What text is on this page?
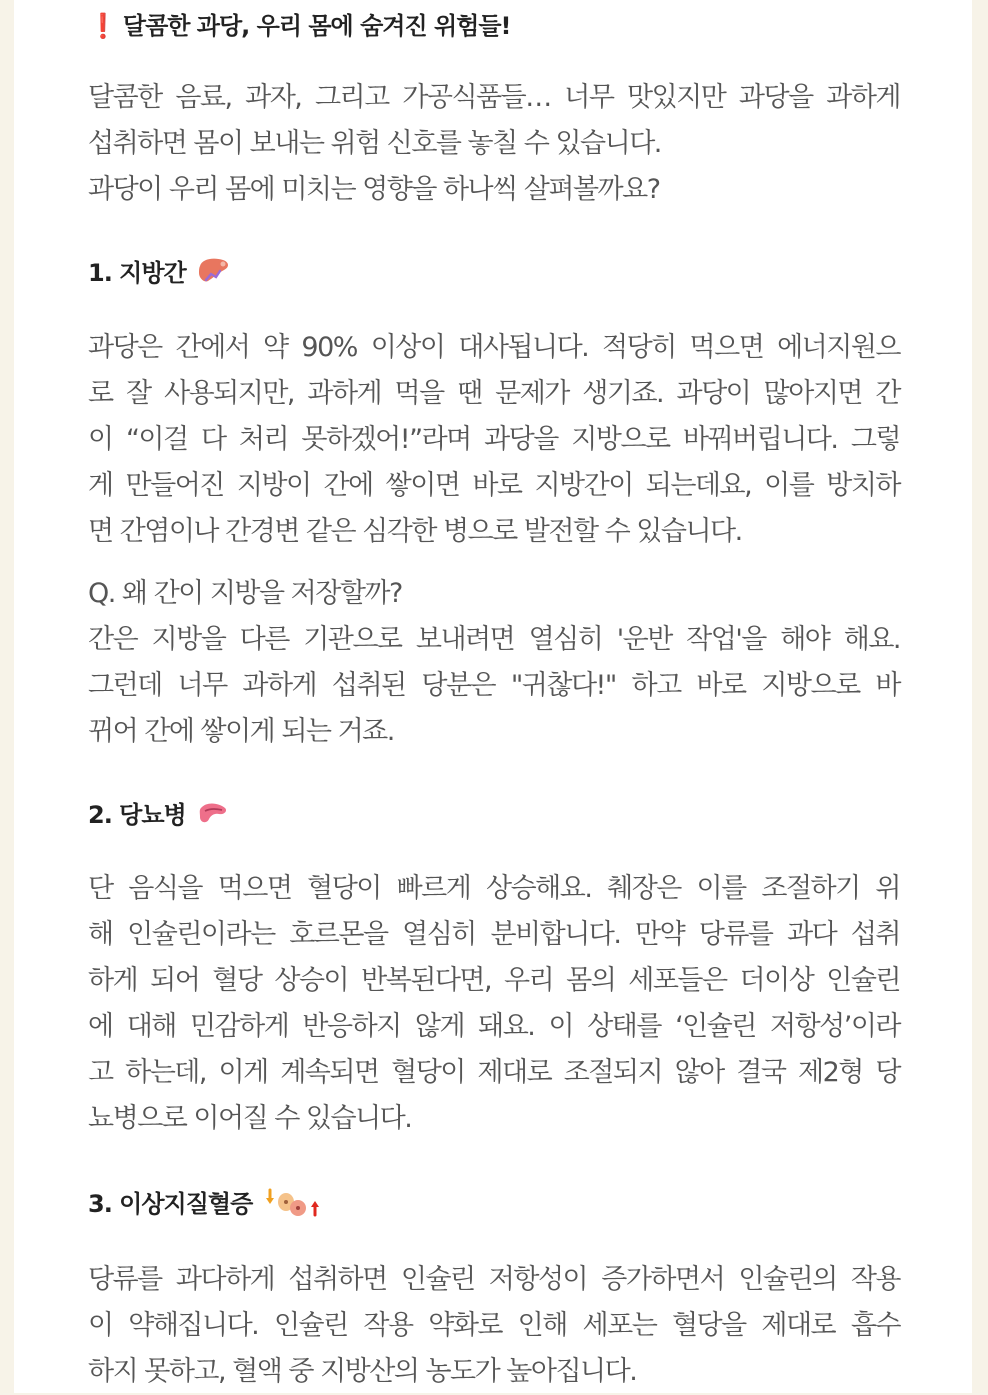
❗ 달콤한 과당, 우리 몸에 숨겨진 위험들!
달콤한 음료, 과자, 그리고 가공식품들… 너무 맛있지만 과당을 과하게
섭취하면 몸이 보내는 위험 신호를 놓칠 수 있습니다.
과당이 우리 몸에 미치는 영향을 하나씩 살펴볼까요?
1. 지방간
과당은 간에서 약 90% 이상이 대사됩니다. 적당히 먹으면 에너지원으
로 잘 사용되지만, 과하게 먹을 땐 문제가 생기죠. 과당이 많아지면 간
이 “이걸 다 처리 못하겠어!”라며 과당을 지방으로 바꿔버립니다. 그렇
게 만들어진 지방이 간에 쌓이면 바로 지방간이 되는데요, 이를 방치하
면 간염이나 간경변 같은 심각한 병으로 발전할 수 있습니다.
Q. 왜 간이 지방을 저장할까?
간은 지방을 다른 기관으로 보내려면 열심히 '운반 작업'을 해야 해요.
그런데 너무 과하게 섭취된 당분은 "귀찮다!" 하고 바로 지방으로 바
뀌어 간에 쌓이게 되는 거죠.
2. 당뇨병
단 음식을 먹으면 혈당이 빠르게 상승해요. 췌장은 이를 조절하기 위
해 인슐린이라는 호르몬을 열심히 분비합니다. 만약 당류를 과다 섭취
하게 되어 혈당 상승이 반복된다면, 우리 몸의 세포들은 더이상 인슐린
에 대해 민감하게 반응하지 않게 돼요. 이 상태를 ‘인슐린 저항성’이라
고 하는데, 이게 계속되면 혈당이 제대로 조절되지 않아 결국 제2형 당
뇨병으로 이어질 수 있습니다.
3. 이상지질혈증
당류를 과다하게 섭취하면 인슐린 저항성이 증가하면서 인슐린의 작용
이 약해집니다. 인슐린 작용 약화로 인해 세포는 혈당을 제대로 흡수
하지 못하고, 혈액 중 지방산의 농도가 높아집니다.
